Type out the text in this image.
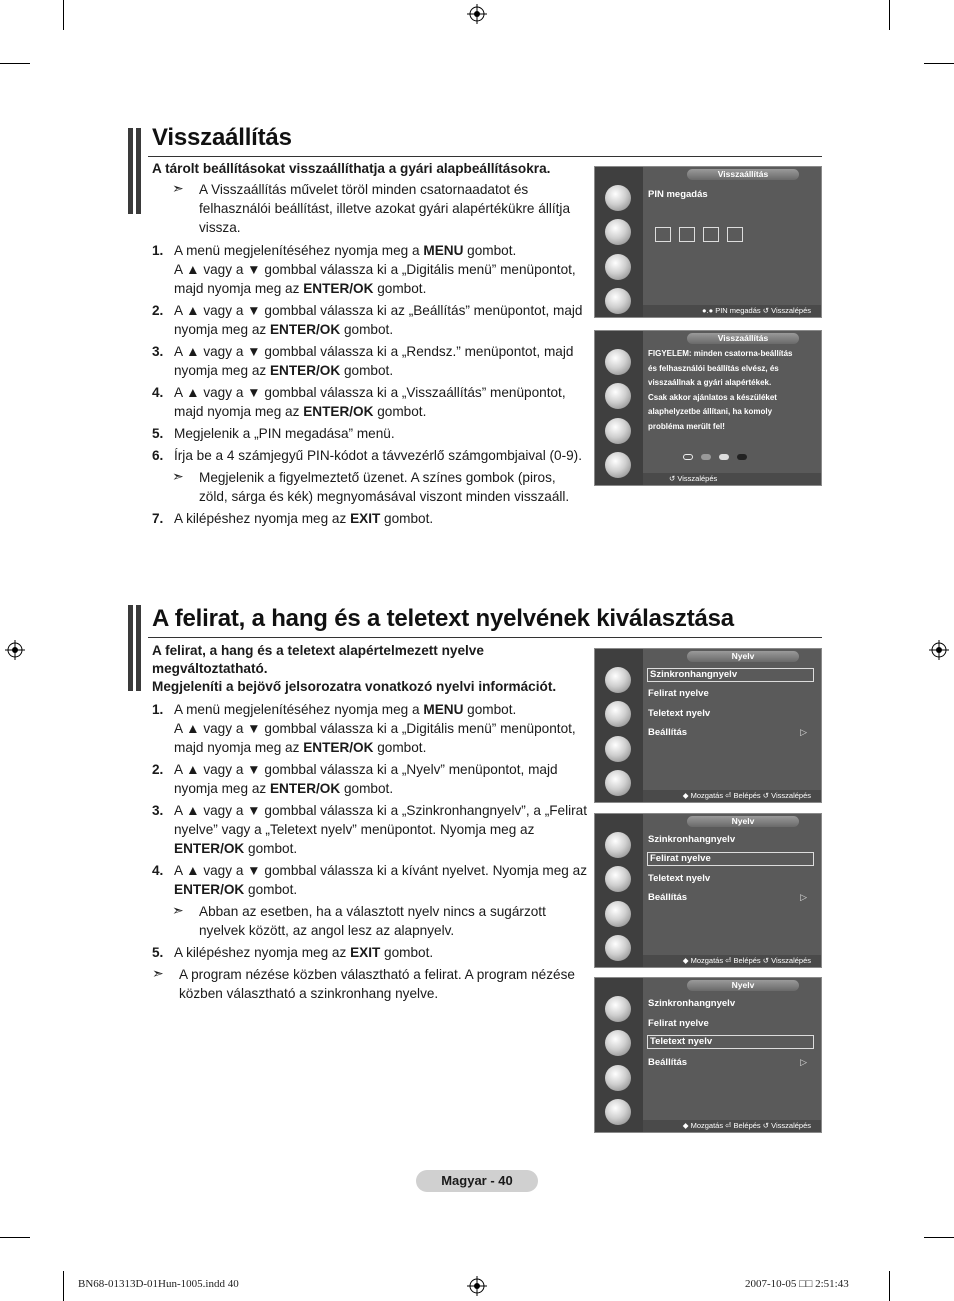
Visszaállítás
A tárolt beállításokat visszaállíthatja a gyári alapbeállításokra.
➣ A Visszaállítás művelet töröl minden csatornaadatot és felhasználói beállítást, illetve azokat gyári alapértékükre állítja vissza.
1. A menü megjelenítéséhez nyomja meg a MENU gombot.
A ▲ vagy a ▼ gombbal válassza ki a „Digitális menü” menüpontot, majd nyomja meg az ENTER/OK gombot.
2. A ▲ vagy a ▼ gombbal válassza ki az „Beállítás” menüpontot, majd nyomja meg az ENTER/OK gombot.
3. A ▲ vagy a ▼ gombbal válassza ki a „Rendsz.” menüpontot, majd nyomja meg az ENTER/OK gombot.
4. A ▲ vagy a ▼ gombbal válassza ki a „Visszaállítás” menüpontot, majd nyomja meg az ENTER/OK gombot.
5. Megjelenik a „PIN megadása” menü.
6. Írja be a 4 számjegyű PIN-kódot a távvezérlő számgombjaival (0-9).
➣ Megjelenik a figyelmeztető üzenet. A színes gombok (piros, zöld, sárga és kék) megnyomásával viszont minden visszaáll.
7. A kilépéshez nyomja meg az EXIT gombot.
Visszaállítás
PIN megadás
●.● PIN megadás ↺ Visszalépés
Visszaállítás
FIGYELEM: minden csatorna-beállítás
és felhasználói beállítás elvész, és
visszaállnak a gyári alapértékek.
Csak akkor ajánlatos a készüléket
alaphelyzetbe állítani, ha komoly
probléma merült fel!
↺ Visszalépés
A felirat, a hang és a teletext nyelvének kiválasztása
A felirat, a hang és a teletext alapértelmezett nyelve megváltoztatható.
Megjeleníti a bejövő jelsorozatra vonatkozó nyelvi információt.
1. A menü megjelenítéséhez nyomja meg a MENU gombot.
A ▲ vagy a ▼ gombbal válassza ki a „Digitális menü” menüpontot, majd nyomja meg az ENTER/OK gombot.
2. A ▲ vagy a ▼ gombbal válassza ki a „Nyelv” menüpontot, majd nyomja meg az ENTER/OK gombot.
3. A ▲ vagy a ▼ gombbal válassza ki a „Szinkronhangnyelv”, a „Felirat nyelve” vagy a „Teletext nyelv” menüpontot. Nyomja meg az ENTER/OK gombot.
4. A ▲ vagy a ▼ gombbal válassza ki a kívánt nyelvet. Nyomja meg az ENTER/OK gombot.
➣ Abban az esetben, ha a választott nyelv nincs a sugárzott nyelvek között, az angol lesz az alapnyelv.
5. A kilépéshez nyomja meg az EXIT gombot.
➣ A program nézése közben választható a felirat. A program nézése közben választható a szinkronhang nyelve.
Nyelv
Szinkronhangnyelv
Felirat nyelve
Teletext nyelv
Beállítás	▷
◆ Mozgatás ⏎ Belépés ↺ Visszalépés
Nyelv
Szinkronhangnyelv
Felirat nyelve
Teletext nyelv
Beállítás	▷
◆ Mozgatás ⏎ Belépés ↺ Visszalépés
Nyelv
Szinkronhangnyelv
Felirat nyelve
Teletext nyelv
Beállítás	▷
◆ Mozgatás ⏎ Belépés ↺ Visszalépés
Magyar - 40
BN68-01313D-01Hun-1005.indd 40	2007-10-05 □□ 2:51:43
